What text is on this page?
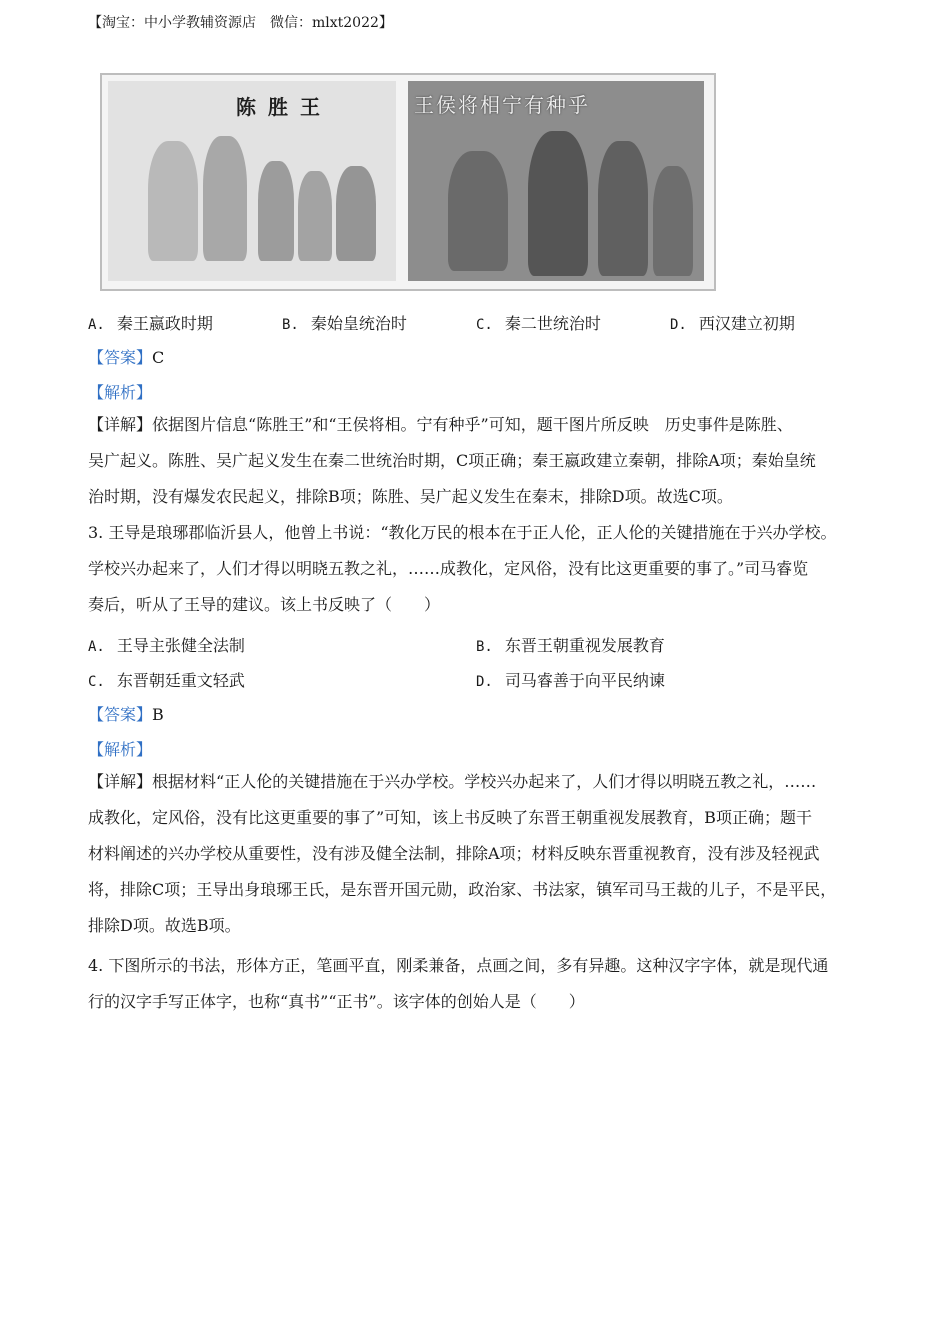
【淘宝：中小学教辅资源店　微信：mlxt2022】
陈胜王	王侯将相宁有种乎
A. 秦王嬴政时期	B. 秦始皇统治时	C. 秦二世统治时	D. 西汉建立初期
【答案】C
【解析】
【详解】依据图片信息“陈胜王”和“王侯将相。宁有种乎”可知，题干图片所反映　历史事件是陈胜、
吴广起义。陈胜、吴广起义发生在秦二世统治时期，C项正确；秦王嬴政建立秦朝，排除A项；秦始皇统
治时期，没有爆发农民起义，排除B项；陈胜、吴广起义发生在秦末，排除D项。故选C项。
3. 王导是琅琊郡临沂县人，他曾上书说：“教化万民的根本在于正人伦，正人伦的关键措施在于兴办学校。
学校兴办起来了，人们才得以明晓五教之礼，……成教化，定风俗，没有比这更重要的事了。”司马睿览
奏后，听从了王导的建议。该上书反映了（　　）
A. 王导主张健全法制	B. 东晋王朝重视发展教育
C. 东晋朝廷重文轻武	D. 司马睿善于向平民纳谏
【答案】B
【解析】
【详解】根据材料“正人伦的关键措施在于兴办学校。学校兴办起来了，人们才得以明晓五教之礼，……
成教化，定风俗，没有比这更重要的事了”可知，该上书反映了东晋王朝重视发展教育，B项正确；题干
材料阐述的兴办学校从重要性，没有涉及健全法制，排除A项；材料反映东晋重视教育，没有涉及轻视武
将，排除C项；王导出身琅琊王氏，是东晋开国元勋，政治家、书法家，镇军司马王裁的儿子，不是平民，
排除D项。故选B项。
4. 下图所示的书法，形体方正，笔画平直，刚柔兼备，点画之间，多有异趣。这种汉字字体，就是现代通
行的汉字手写正体字，也称“真书”“正书”。该字体的创始人是（　　）
